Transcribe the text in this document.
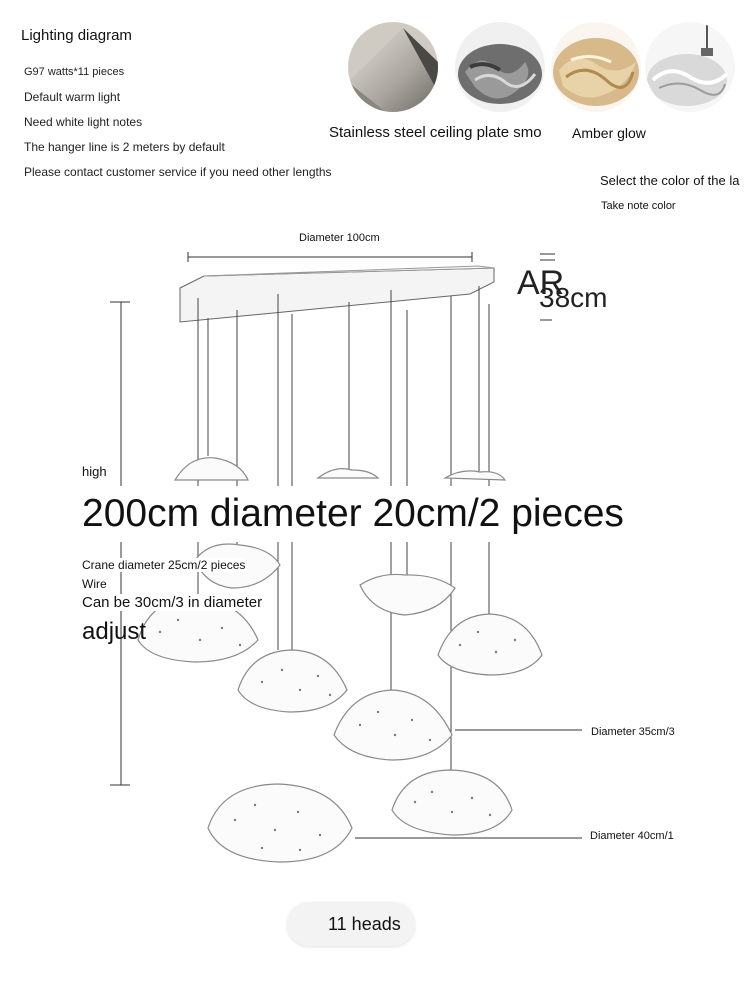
Lighting diagram
G97 watts*11 pieces
Default warm light
Need white light notes
The hanger line is 2 meters by default
Please contact customer service if you need other lengths
Stainless steel ceiling plate smo Amber glow
Select the color of the la
Take note color
Diameter 100cm
AR
38cm
high
200cm diameter 20cm/2 pieces
Crane diameter 25cm/2 pieces
Wire
Can be 30cm/3 in diameter
adjust
Diameter 35cm/3
Diameter 40cm/1
11 heads
